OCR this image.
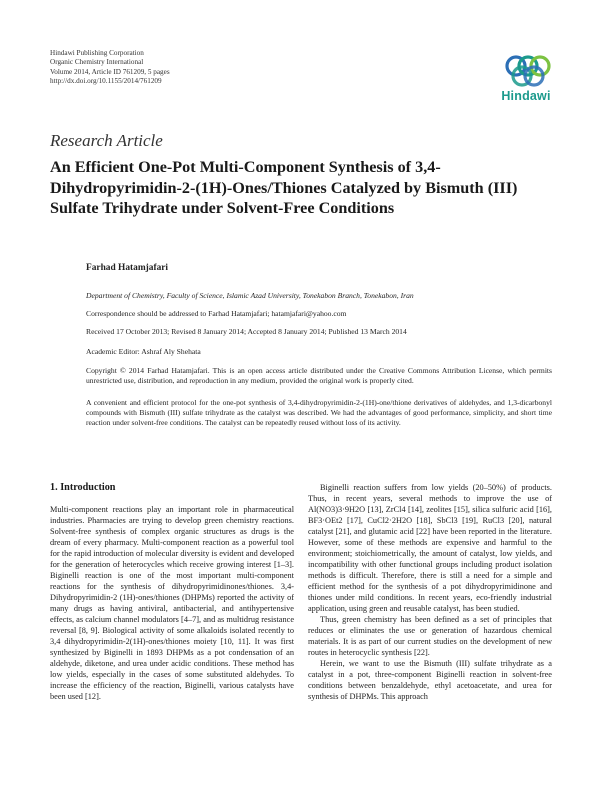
Hindawi Publishing Corporation
Organic Chemistry International
Volume 2014, Article ID 761209, 5 pages
http://dx.doi.org/10.1155/2014/761209
Hindawi
Research Article
An Efficient One-Pot Multi-Component Synthesis of 3,4-Dihydropyrimidin-2-(1H)-Ones/Thiones Catalyzed by Bismuth (III) Sulfate Trihydrate under Solvent-Free Conditions
Farhad Hatamjafari
Department of Chemistry, Faculty of Science, Islamic Azad University, Tonekabon Branch, Tonekabon, Iran
Correspondence should be addressed to Farhad Hatamjafari; hatamjafari@yahoo.com
Received 17 October 2013; Revised 8 January 2014; Accepted 8 January 2014; Published 13 March 2014
Academic Editor: Ashraf Aly Shehata
Copyright © 2014 Farhad Hatamjafari. This is an open access article distributed under the Creative Commons Attribution License, which permits unrestricted use, distribution, and reproduction in any medium, provided the original work is properly cited.
A convenient and efficient protocol for the one-pot synthesis of 3,4-dihydropyrimidin-2-(1H)-one/thione derivatives of aldehydes, and 1,3-dicarbonyl compounds with Bismuth (III) sulfate trihydrate as the catalyst was described. We had the advantages of good performance, simplicity, and short time reaction under solvent-free conditions. The catalyst can be repeatedly reused without loss of its activity.
1. Introduction

Multi-component reactions play an important role in pharmaceutical industries. Pharmacies are trying to develop green chemistry reactions. Solvent-free synthesis of complex organic structures as drugs is the dream of every pharmacy. Multi-component reaction as a powerful tool for the rapid introduction of molecular diversity is evident and developed for the generation of heterocycles which receive growing interest [1–3]. Biginelli reaction is one of the most important multi-component reactions for the synthesis of dihydropyrimidinones/thiones. 3,4-Dihydropyrimidin-2 (1H)-ones/thiones (DHPMs) reported the activity of many drugs as having antiviral, antibacterial, and antihypertensive effects, as calcium channel modulators [4–7], and as multidrug resistance reversal [8, 9]. Biological activity of some alkaloids isolated recently to 3,4 dihydropyrimidin-2(1H)-ones/thiones moiety [10, 11]. It was first synthesized by Biginelli in 1893 DHPMs as a pot condensation of an aldehyde, diketone, and urea under acidic conditions. These method has low yields, especially in the cases of some substituted aldehydes. To increase the efficiency of the reaction, Biginelli, various catalysts have been used [12].

Biginelli reaction suffers from low yields (20–50%) of products. Thus, in recent years, several methods to improve the use of Al(NO3)3·9H2O [13], ZrCl4 [14], zeolites [15], silica sulfuric acid [16], BF3·OEt2 [17], CuCl2·2H2O [18], SbCl3 [19], RuCl3 [20], natural catalyst [21], and glutamic acid [22] have been reported in the literature. However, some of these methods are expensive and harmful to the environment; stoichiometrically, the amount of catalyst, low yields, and incompatibility with other functional groups including product isolation methods is difficult. Therefore, there is still a need for a simple and efficient method for the synthesis of a pot dihydropyrimidinone and thiones under mild conditions. In recent years, eco-friendly industrial application, using green and reusable catalyst, has been studied.

Thus, green chemistry has been defined as a set of principles that reduces or eliminates the use or generation of hazardous chemical materials. It is as part of our current studies on the development of new routes in heterocyclic synthesis [22].

Herein, we want to use the Bismuth (III) sulfate trihydrate as a catalyst in a pot, three-component Biginelli reaction in solvent-free conditions between benzaldehyde, ethyl acetoacetate, and urea for synthesis of DHPMs. This approach
